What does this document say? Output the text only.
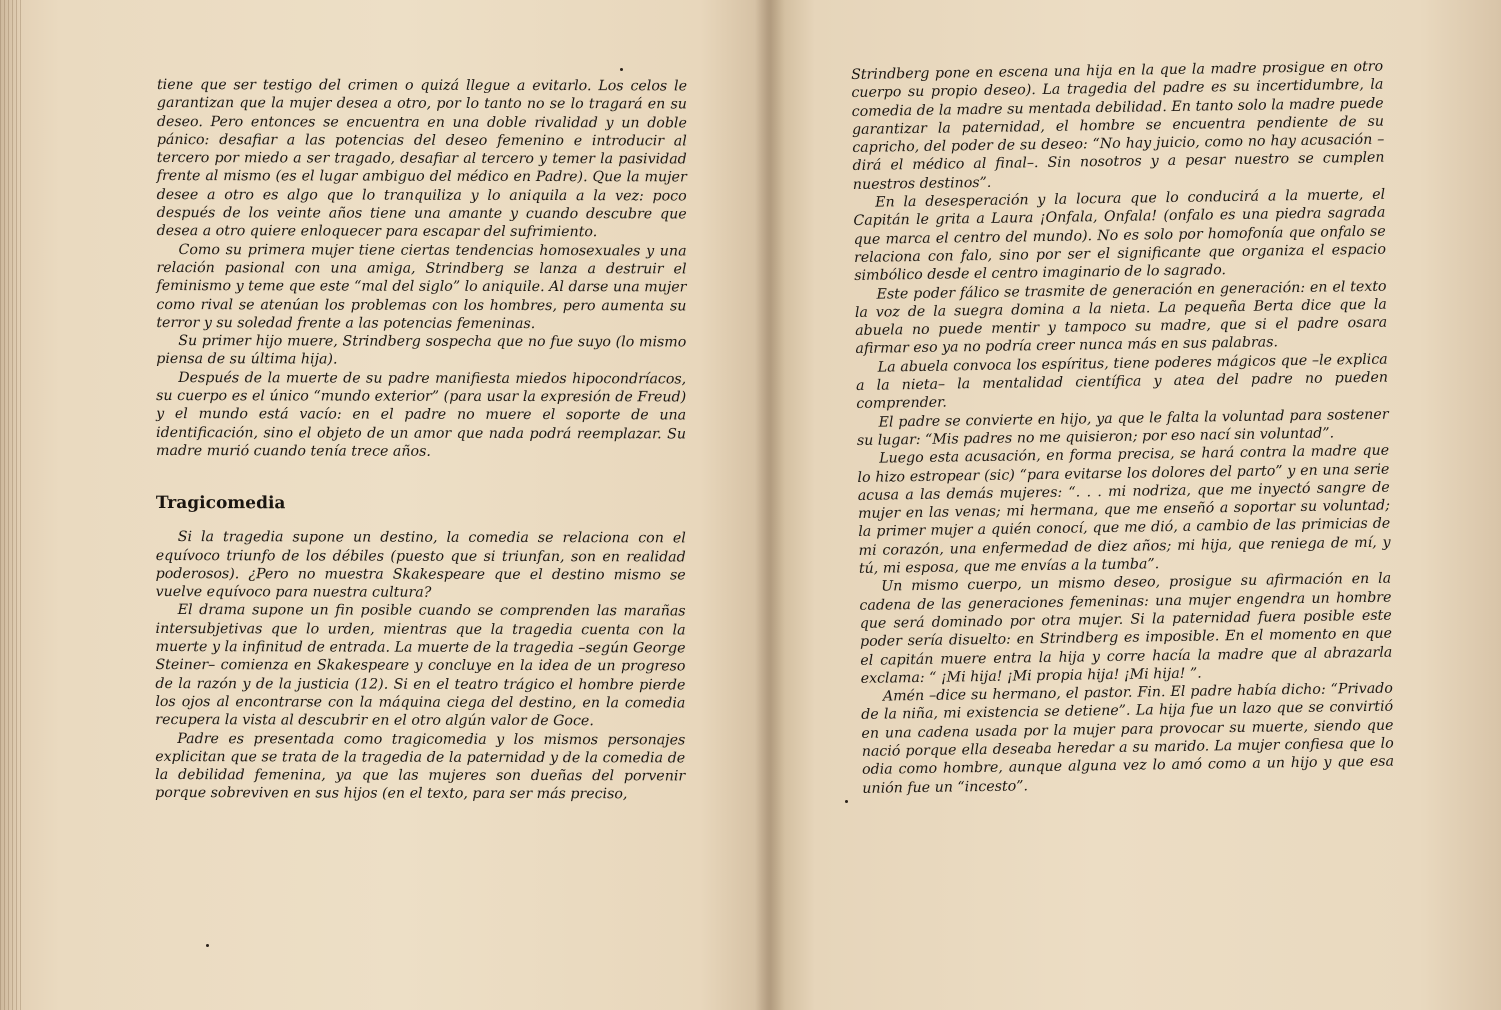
tiene que ser testigo del crimen o quizá llegue a evitarlo. Los celos le garantizan que la mujer desea a otro, por lo tanto no se lo tragará en su deseo. Pero entonces se encuentra en una doble rivalidad y un doble pánico: desafiar a las potencias del deseo femenino e introducir al tercero por miedo a ser tragado, desafiar al tercero y temer la pasividad frente al mismo (es el lugar ambiguo del médico en Padre). Que la mujer desee a otro es algo que lo tranquiliza y lo aniquila a la vez: poco después de los veinte años tiene una amante y cuando descubre que desea a otro quiere enloquecer para escapar del sufrimiento.

Como su primera mujer tiene ciertas tendencias homosexuales y una relación pasional con una amiga, Strindberg se lanza a destruir el feminismo y teme que este “mal del siglo” lo aniquile. Al darse una mujer como rival se atenúan los problemas con los hombres, pero aumenta su terror y su soledad frente a las potencias femeninas.

Su primer hijo muere, Strindberg sospecha que no fue suyo (lo mismo piensa de su última hija).

Después de la muerte de su padre manifiesta miedos hipocondríacos, su cuerpo es el único “mundo exterior” (para usar la expresión de Freud) y el mundo está vacío: en el padre no muere el soporte de una identificación, sino el objeto de un amor que nada podrá reemplazar. Su madre murió cuando tenía trece años.

Tragicomedia

Si la tragedia supone un destino, la comedia se relaciona con el equívoco triunfo de los débiles (puesto que si triunfan, son en realidad poderosos). ¿Pero no muestra Skakespeare que el destino mismo se vuelve equívoco para nuestra cultura?

El drama supone un fin posible cuando se comprenden las marañas intersubjetivas que lo urden, mientras que la tragedia cuenta con la muerte y la infinitud de entrada. La muerte de la tragedia –según George Steiner– comienza en Skakespeare y concluye en la idea de un progreso de la razón y de la justicia (12). Si en el teatro trágico el hombre pierde los ojos al encontrarse con la máquina ciega del destino, en la comedia recupera la vista al descubrir en el otro algún valor de Goce.

Padre es presentada como tragicomedia y los mismos personajes explicitan que se trata de la tragedia de la paternidad y de la comedia de la debilidad femenina, ya que las mujeres son dueñas del porvenir porque sobreviven en sus hijos (en el texto, para ser más preciso,

Strindberg pone en escena una hija en la que la madre prosigue en otro cuerpo su propio deseo). La tragedia del padre es su incertidumbre, la comedia de la madre su mentada debilidad. En tanto solo la madre puede garantizar la paternidad, el hombre se encuentra pendiente de su capricho, del poder de su deseo: “No hay juicio, como no hay acusación –dirá el médico al final–. Sin nosotros y a pesar nuestro se cumplen nuestros destinos”.

En la desesperación y la locura que lo conducirá a la muerte, el Capitán le grita a Laura ¡Onfala, Onfala! (onfalo es una piedra sagrada que marca el centro del mundo). No es solo por homofonía que onfalo se relaciona con falo, sino por ser el significante que organiza el espacio simbólico desde el centro imaginario de lo sagrado.

Este poder fálico se trasmite de generación en generación: en el texto la voz de la suegra domina a la nieta. La pequeña Berta dice que la abuela no puede mentir y tampoco su madre, que si el padre osara afirmar eso ya no podría creer nunca más en sus palabras.

La abuela convoca los espíritus, tiene poderes mágicos que –le explica a la nieta– la mentalidad científica y atea del padre no pueden comprender.

El padre se convierte en hijo, ya que le falta la voluntad para sostener su lugar: “Mis padres no me quisieron; por eso nací sin voluntad”.

Luego esta acusación, en forma precisa, se hará contra la madre que lo hizo estropear (sic) “para evitarse los dolores del parto” y en una serie acusa a las demás mujeres: “. . . mi nodriza, que me inyectó sangre de mujer en las venas; mi hermana, que me enseñó a soportar su voluntad; la primer mujer a quién conocí, que me dió, a cambio de las primicias de mi corazón, una enfermedad de diez años; mi hija, que reniega de mí, y tú, mi esposa, que me envías a la tumba”.

Un mismo cuerpo, un mismo deseo, prosigue su afirmación en la cadena de las generaciones femeninas: una mujer engendra un hombre que será dominado por otra mujer. Si la paternidad fuera posible este poder sería disuelto: en Strindberg es imposible. En el momento en que el capitán muere entra la hija y corre hacía la madre que al abrazarla exclama: “ ¡Mi hija! ¡Mi propia hija! ¡Mi hija! ”.

Amén –dice su hermano, el pastor. Fin. El padre había dicho: “Privado de la niña, mi existencia se detiene”. La hija fue un lazo que se convirtió en una cadena usada por la mujer para provocar su muerte, siendo que nació porque ella deseaba heredar a su marido. La mujer confiesa que lo odia como hombre, aunque alguna vez lo amó como a un hijo y que esa unión fue un “incesto”.
